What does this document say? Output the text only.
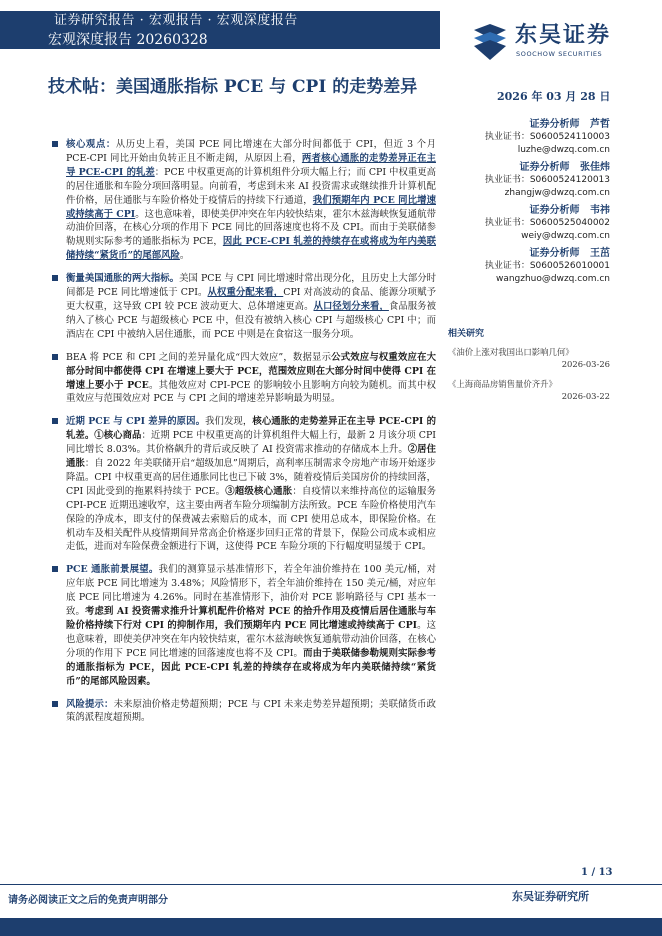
证券研究报告 · 宏观报告 · 宏观深度报告
宏观深度报告 20260328	东吴证券
SOOCHOW SECURITIES
技术帖：美国通胀指标 PCE 与 CPI 的走势差异	2026 年 03 月 28 日
核心观点：从历史上看，美国 PCE 同比增速在大部分时间都低于 CPI，但近 3 个月 PCE-CPI 同比开始由负转正且不断走阔，从原因上看，两者核心通胀的走势差异正在主导 PCE-CPI 的轧差：PCE 中权重更高的计算机组件分项大幅上行；而 CPI 中权重更高的居住通胀和车险分项回落明显。向前看，考虑到未来 AI 投资需求或继续推升计算机配件价格，居住通胀与车险价格处于疫情后的持续下行通道，我们预期年内 PCE 同比增速或持续高于 CPI。这也意味着，即使美伊冲突在年内较快结束，霍尔木兹海峡恢复通航带动油价回落，在核心分项的作用下 PCE 同比的回落速度也将不及 CPI。而由于美联储参勒规则实际参考的通胀指标为 PCE，因此 PCE-CPI 轧差的持续存在或将成为年内美联储持续“紧货币”的尾部风险。
衡量美国通胀的两大指标。美国 PCE 与 CPI 同比增速时常出现分化，且历史上大部分时间都是 PCE 同比增速低于 CPI。从权重分配来看，CPI 对高波动的食品、能源分项赋予更大权重，这导致 CPI 较 PCE 波动更大、总体增速更高。从口径划分来看，食品服务被纳入了核心 PCE 与超级核心 PCE 中，但没有被纳入核心 CPI 与超级核心 CPI 中；而酒店在 CPI 中被纳入居住通胀，而 PCE 中则是在食宿这一服务分项。
BEA 将 PCE 和 CPI 之间的差异量化成“四大效应”，数据显示公式效应与权重效应在大部分时间中都使得 CPI 在增速上要大于 PCE，范围效应则在大部分时间中使得 CPI 在增速上要小于 PCE。其他效应对 CPI-PCE 的影响较小且影响方向较为随机。而其中权重效应与范围效应对 PCE 与 CPI 之间的增速差异影响最为明显。
近期 PCE 与 CPI 差异的原因。我们发现，核心通胀的走势差异正在主导 PCE-CPI 的轧差。①核心商品：近期 PCE 中权重更高的计算机组件大幅上行，最新 2 月该分项 CPI 同比增长 8.03%。其价格飙升的背后或反映了 AI 投资需求推动的存储成本上升。②居住通胀：自 2022 年美联储开启“超级加息”周期后，高利率压制需求令房地产市场开始逐步降温。CPI 中权重更高的居住通胀同比也已下破 3%，随着疫情后美国房价的持续回落，CPI 因此受到的拖累料持续于 PCE。③超级核心通胀：自疫情以来维持高位的运输服务 CPI-PCE 近期迅速收窄，这主要由两者车险分项编制方法所致。PCE 车险价格使用汽车保险的净成本，即支付的保费减去索赔后的成本，而 CPI 使用总成本，即保险价格。在机动车及相关配件从疫情期间异常高企价格逐步回归正常的背景下，保险公司成本或相应走低，进而对车险保费金额进行下调，这使得 PCE 车险分项的下行幅度明显缓于 CPI。
PCE 通胀前景展望。我们的测算显示基准情形下，若全年油价维持在 100 美元/桶，对应年底 PCE 同比增速为 3.48%；风险情形下，若全年油价维持在 150 美元/桶，对应年底 PCE 同比增速为 4.26%。同时在基准情形下，油价对 PCE 影响路径与 CPI 基本一致。考虑到 AI 投资需求推升计算机配件价格对 PCE 的拾升作用及疫情后居住通胀与车险价格持续下行对 CPI 的抑制作用，我们预期年内 PCE 同比增速或持续高于 CPI。这也意味着，即使美伊冲突在年内较快结束，霍尔木兹海峡恢复通航带动油价回落，在核心分项的作用下 PCE 同比增速的回落速度也将不及 CPI。而由于美联储参勒规则实际参考的通胀指标为 PCE，因此 PCE-CPI 轧差的持续存在或将成为年内美联储持续“紧货币”的尾部风险因素。
风险提示：未来原油价格走势超预期；PCE 与 CPI 未来走势差异超预期；美联储货币政策鸽派程度超预期。
证券分析师 芦哲
执业证书：S0600524110003
luzhe@dwzq.com.cn
证券分析师 张佳炜
执业证书：S0600524120013
zhangjw@dwzq.com.cn
证券分析师 韦祎
执业证书：S0600525040002
weiy@dwzq.com.cn
证券分析师 王茁
执业证书：S0600526010001
wangzhuo@dwzq.com.cn
相关研究
《油价上涨对我国出口影响几何》
2026-03-26
《上海商品房销售量价齐升》
2026-03-22
1 / 13
请务必阅读正文之后的免责声明部分	东吴证券研究所
